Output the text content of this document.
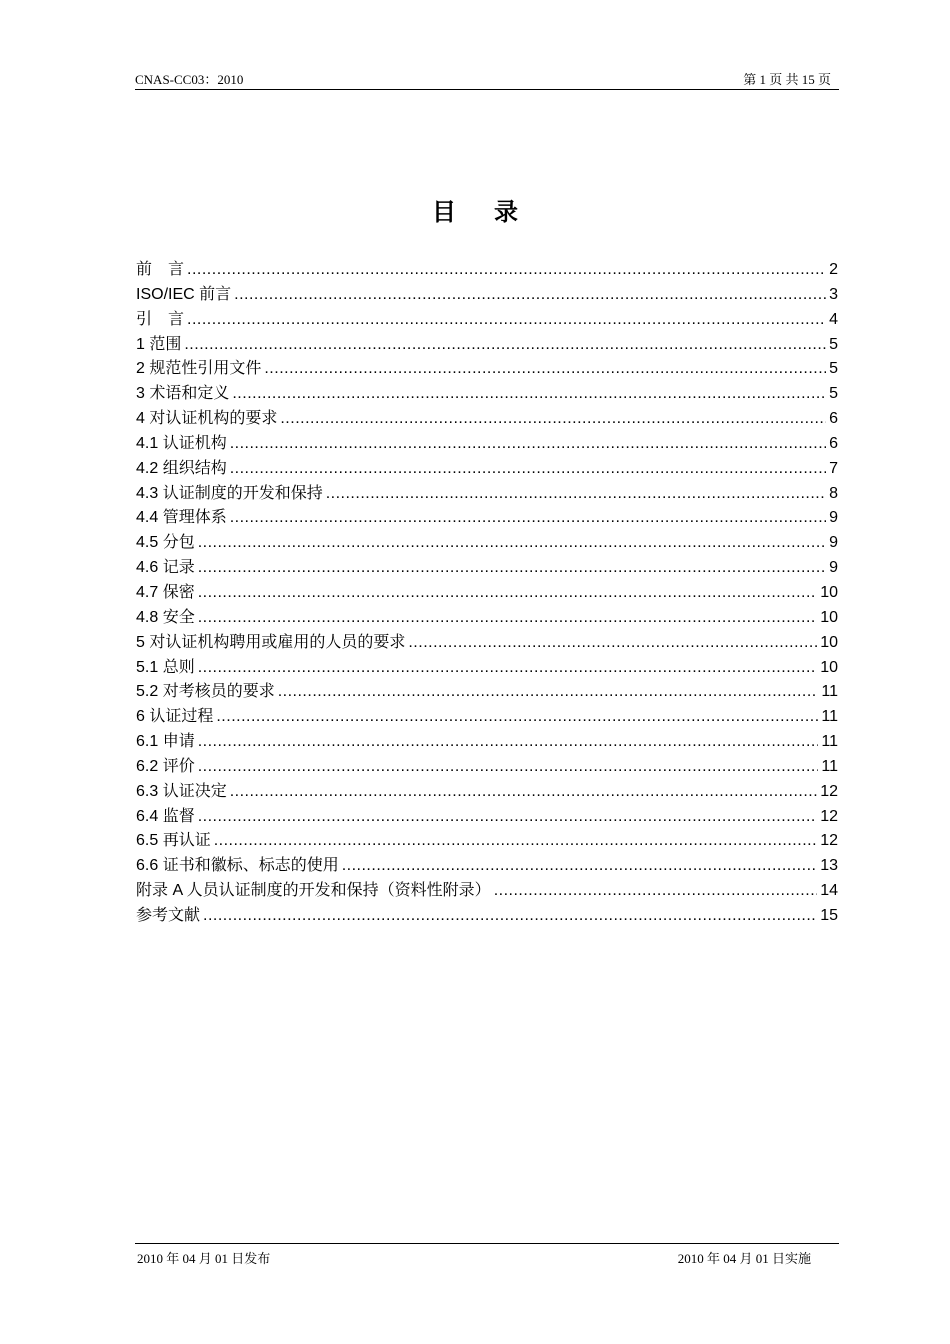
CNAS-CC03：2010	第 1 页 共 15 页
目录
前　言 .....	2
ISO/IEC 前言 .....	3
引　言 .....	4
1 范围 .....	5
2 规范性引用文件 .....	5
3 术语和定义 .....	5
4 对认证机构的要求 .....	6
4.1 认证机构 .....	6
4.2 组织结构 .....	7
4.3 认证制度的开发和保持 .....	8
4.4 管理体系 .....	9
4.5 分包 .....	9
4.6 记录 .....	9
4.7 保密 .....	10
4.8 安全 .....	10
5 对认证机构聘用或雇用的人员的要求 .....	10
5.1 总则 .....	10
5.2 对考核员的要求 .....	11
6 认证过程 .....	11
6.1 申请 .....	11
6.2 评价 .....	11
6.3 认证决定 .....	12
6.4 监督 .....	12
6.5 再认证 .....	12
6.6 证书和徽标、标志的使用 .....	13
附录 A 人员认证制度的开发和保持（资料性附录） .....	14
参考文献 .....	15
2010 年 04 月 01 日发布	2010 年 04 月 01 日实施
